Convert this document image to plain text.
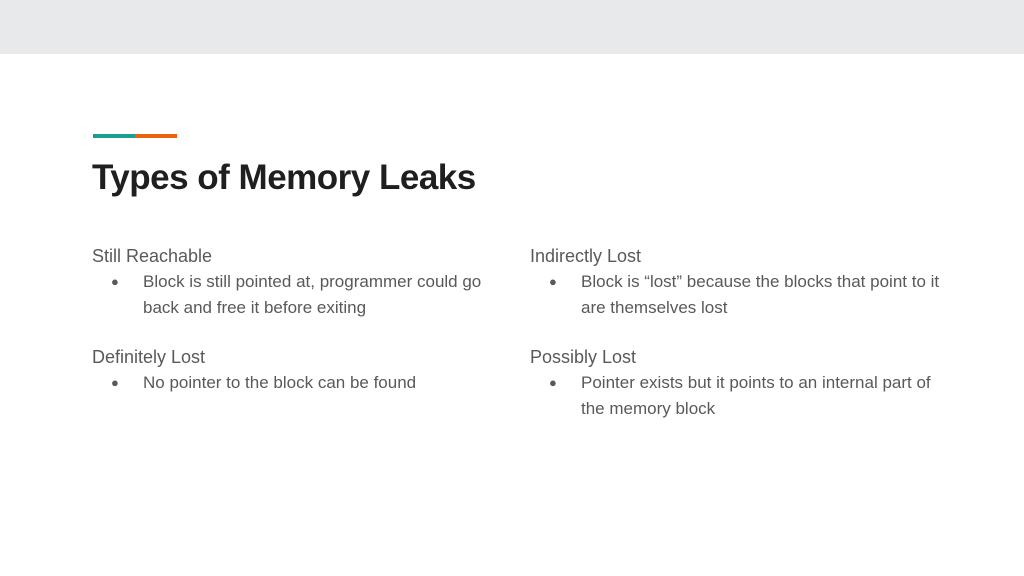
Types of Memory Leaks
Still Reachable
● Block is still pointed at, programmer could go back and free it before exiting
Indirectly Lost
● Block is “lost” because the blocks that point to it are themselves lost
Definitely Lost
● No pointer to the block can be found
Possibly Lost
● Pointer exists but it points to an internal part of the memory block
